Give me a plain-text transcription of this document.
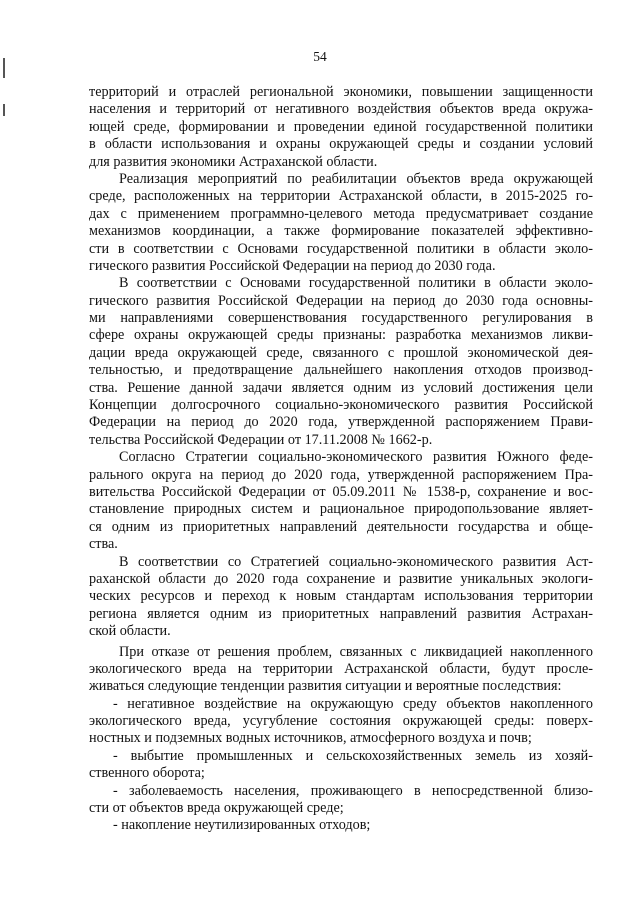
54
территорий и отраслей региональной экономики, повышении защищенности
населения и территорий от негативного воздействия объектов вреда окружа-
ющей среде, формировании и проведении единой государственной политики
в области использования и охраны окружающей среды и создании условий
для развития экономики Астраханской области.
Реализация мероприятий по реабилитации объектов вреда окружающей
среде, расположенных на территории Астраханской области, в 2015-2025 го-
дах с применением программно-целевого метода предусматривает создание
механизмов координации, а также формирование показателей эффективно-
сти в соответствии с Основами государственной политики в области эколо-
гического развития Российской Федерации на период до 2030 года.
В соответствии с Основами государственной политики в области эколо-
гического развития Российской Федерации на период до 2030 года основны-
ми направлениями совершенствования государственного регулирования в
сфере охраны окружающей среды признаны: разработка механизмов ликви-
дации вреда окружающей среде, связанного с прошлой экономической дея-
тельностью, и предотвращение дальнейшего накопления отходов производ-
ства. Решение данной задачи является одним из условий достижения цели
Концепции долгосрочного социально-экономического развития Российской
Федерации на период до 2020 года, утвержденной распоряжением Прави-
тельства Российской Федерации от 17.11.2008 № 1662-р.
Согласно Стратегии социально-экономического развития Южного феде-
рального округа на период до 2020 года, утвержденной распоряжением Пра-
вительства Российской Федерации от 05.09.2011 № 1538-р, сохранение и вос-
становление природных систем и рациональное природопользование являет-
ся одним из приоритетных направлений деятельности государства и обще-
ства.
В соответствии со Стратегией социально-экономического развития Аст-
раханской области до 2020 года сохранение и развитие уникальных экологи-
ческих ресурсов и переход к новым стандартам использования территории
региона является одним из приоритетных направлений развития Астрахан-
ской области.
При отказе от решения проблем, связанных с ликвидацией накопленного
экологического вреда на территории Астраханской области, будут просле-
живаться следующие тенденции развития ситуации и вероятные последствия:
- негативное воздействие на окружающую среду объектов накопленного
экологического вреда, усугубление состояния окружающей среды: поверх-
ностных и подземных водных источников, атмосферного воздуха и почв;
- выбытие промышленных и сельскохозяйственных земель из хозяй-
ственного оборота;
- заболеваемость населения, проживающего в непосредственной близо-
сти от объектов вреда окружающей среде;
- накопление неутилизированных отходов;
